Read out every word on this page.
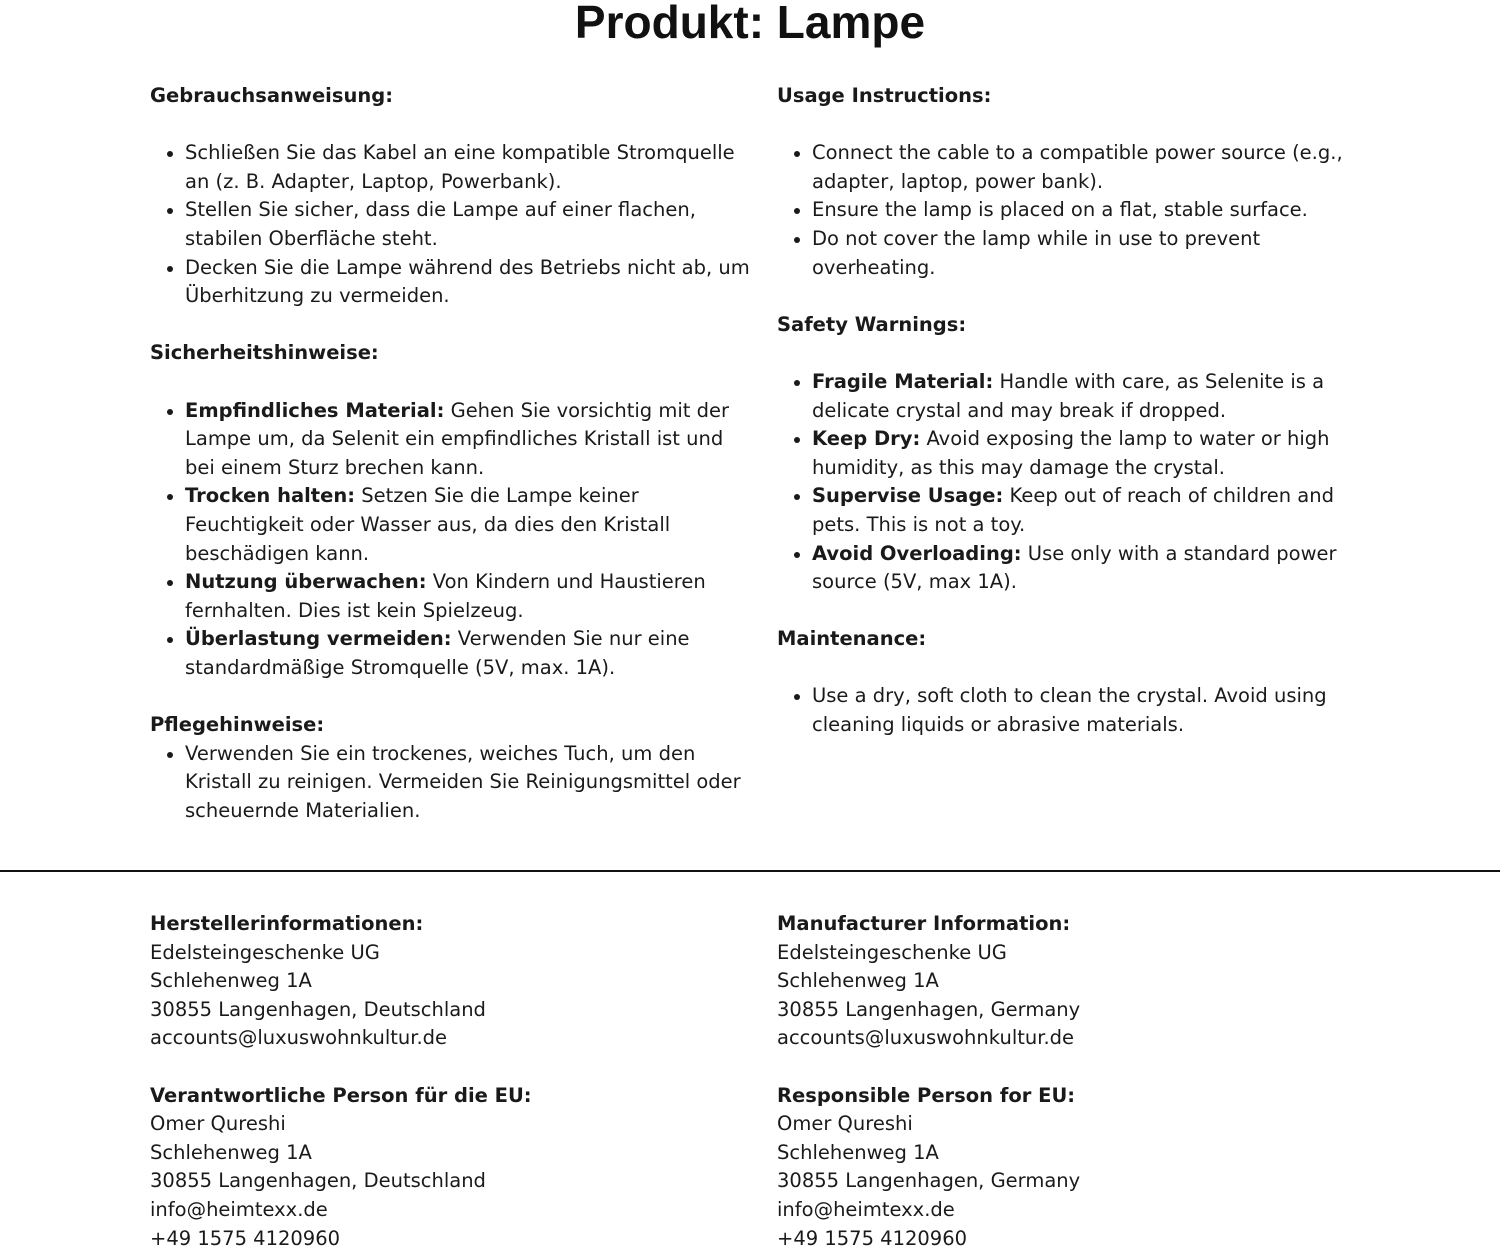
Produkt: Lampe

Gebrauchsanweisung:

Schließen Sie das Kabel an eine kompatible Stromquelle an (z. B. Adapter, Laptop, Powerbank).
Stellen Sie sicher, dass die Lampe auf einer flachen, stabilen Oberfläche steht.
Decken Sie die Lampe während des Betriebs nicht ab, um Überhitzung zu vermeiden.

Sicherheitshinweise:

Empfindliches Material: Gehen Sie vorsichtig mit der Lampe um, da Selenit ein empfindliches Kristall ist und bei einem Sturz brechen kann.
Trocken halten: Setzen Sie die Lampe keiner Feuchtigkeit oder Wasser aus, da dies den Kristall beschädigen kann.
Nutzung überwachen: Von Kindern und Haustieren fernhalten. Dies ist kein Spielzeug.
Überlastung vermeiden: Verwenden Sie nur eine standardmäßige Stromquelle (5V, max. 1A).

Pflegehinweise:

Verwenden Sie ein trockenes, weiches Tuch, um den Kristall zu reinigen. Vermeiden Sie Reinigungsmittel oder scheuernde Materialien.

Usage Instructions:

Connect the cable to a compatible power source (e.g., adapter, laptop, power bank).
Ensure the lamp is placed on a flat, stable surface.
Do not cover the lamp while in use to prevent overheating.

Safety Warnings:

Fragile Material: Handle with care, as Selenite is a delicate crystal and may break if dropped.
Keep Dry: Avoid exposing the lamp to water or high humidity, as this may damage the crystal.
Supervise Usage: Keep out of reach of children and pets. This is not a toy.
Avoid Overloading: Use only with a standard power source (5V, max 1A).

Maintenance:

Use a dry, soft cloth to clean the crystal. Avoid using cleaning liquids or abrasive materials.

Herstellerinformationen:

Edelsteingeschenke UG
Schlehenweg 1A
30855 Langenhagen, Deutschland
accounts@luxuswohnkultur.de

Verantwortliche Person für die EU:

Omer Qureshi
Schlehenweg 1A
30855 Langenhagen, Deutschland
info@heimtexx.de
+49 1575 4120960

Manufacturer Information:

Edelsteingeschenke UG
Schlehenweg 1A
30855 Langenhagen, Germany
accounts@luxuswohnkultur.de

Responsible Person for EU:

Omer Qureshi
Schlehenweg 1A
30855 Langenhagen, Germany
info@heimtexx.de
+49 1575 4120960
